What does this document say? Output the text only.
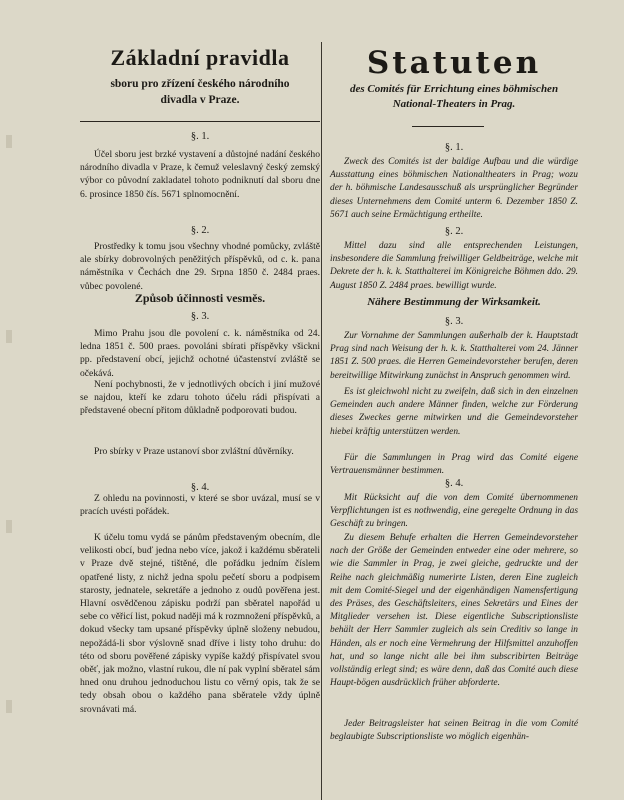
Základní pravidla
sboru pro zřízení českého národního
divadla v Praze.
§. 1.
Účel sboru jest brzké vystavení a důstojné nadání českého národního divadla v Praze, k čemuž veleslavný český zemský výbor co původní zakladatel tohoto podniknutí dal sboru dne 6. prosince 1850 čís. 5671 splnomocnění.
§. 2.
Prostředky k tomu jsou všechny vhodné pomůcky, zvláště ale sbírky dobrovolných peněžitých příspěvků, od c. k. pana náměstníka v Čechách dne 29. Srpna 1850 č. 2484 praes. vůbec povolené.
Způsob účinnosti vesměs.
§. 3.
Mimo Prahu jsou dle povolení c. k. náměstníka od 24. ledna 1851 č. 500 praes. povoláni sbírati příspěvky všickni pp. představení obcí, jejichž ochotné účastenství zvláště se očekává.
Není pochybnosti, že v jednotlivých obcích i jiní mužové se najdou, kteří ke zdaru tohoto účelu rádi přispívati a představené obecní přitom důkladně podporovati budou.
Pro sbírky v Praze ustanoví sbor zvláštní důvěrníky.
§. 4.
Z ohledu na povinnosti, v které se sbor uvázal, musí se v pracích uvésti pořádek.
K účelu tomu vydá se pánům představeným obecním, dle velikosti obcí, buď jedna nebo více, jakož i každému sběrateli v Praze dvě stejné, tištěné, dle pořádku jedním číslem opatřené listy, z nichž jedna spolu pečetí sboru a podpisem starosty, jednatele, sekretáře a jednoho z oudů pověřena jest. Hlavní osvědčenou zápisku podrží pan sběratel napořád u sebe co věřicí list, pokud naději má k rozmnožení příspěvků, a dokud všecky tam upsané příspěvky úplně složeny nebudou, nepožádá-li sbor výslovně snad dříve i listy toho druhu: do této od sboru pověřené zápisky vypíše každý přispívatel svou oběť, jak možno, vlastní rukou, dle ní pak vyplní sběratel sám hned onu druhou jednoduchou listu co věrný opis, tak že se tedy obsah obou o každého pana sběratele vždy úplně srovnávati má.
Statuten
des Comités für Errichtung eines böhmischen
National-Theaters in Prag.
§. 1.
Zweck des Comités ist der baldige Aufbau und die würdige Ausstattung eines böhmischen Nationaltheaters in Prag; wozu der h. böhmische Landesausschuß als ursprünglicher Begründer dieses Unternehmens dem Comité unterm 6. Dezember 1850 Z. 5671 auch seine Ermächtigung ertheilte.
§. 2.
Mittel dazu sind alle entsprechenden Leistungen, insbesondere die Sammlung freiwilliger Geldbeiträge, welche mit Dekrete der h. k. k. Statthalterei im Königreiche Böhmen ddo. 29. August 1850 Z. 2484 praes. bewilligt wurde.
Nähere Bestimmung der Wirksamkeit.
§. 3.
Zur Vornahme der Sammlungen außerhalb der k. Hauptstadt Prag sind nach Weisung der h. k. k. Statthalterei vom 24. Jänner 1851 Z. 500 praes. die Herren Gemeindevorsteher berufen, deren bereitwillige Mitwirkung zunächst in Anspruch genommen wird.
Es ist gleichwohl nicht zu zweifeln, daß sich in den einzelnen Gemeinden auch andere Männer finden, welche zur Förderung dieses Zweckes gerne mitwirken und die Gemeindevorsteher hiebei kräftig unterstützen werden.
Für die Sammlungen in Prag wird das Comité eigene Vertrauensmänner bestimmen.
§. 4.
Mit Rücksicht auf die von dem Comité übernommenen Verpflichtungen ist es nothwendig, eine geregelte Ordnung in das Geschäft zu bringen.
Zu diesem Behufe erhalten die Herren Gemeindevorsteher nach der Größe der Gemeinden entweder eine oder mehrere, so wie die Sammler in Prag, je zwei gleiche, gedruckte und der Reihe nach gleichmäßig numerirte Listen, deren Eine zugleich mit dem Comité-Siegel und der eigenhändigen Namensfertigung des Präses, des Geschäftsleiters, eines Sekretärs und Eines der Mitglieder versehen ist. Diese eigentliche Subscriptionsliste behält der Herr Sammler zugleich als sein Creditiv so lange in Händen, als er noch eine Vermehrung der Hilfsmittel anzuhoffen hat, und so lange nicht alle bei ihm subscribirten Beiträge vollständig erlegt sind; es wäre denn, daß das Comité auch diese Haupt-bögen ausdrücklich früher abforderte.
Jeder Beitragsleister hat seinen Beitrag in die vom Comité beglaubigte Subscriptionsliste wo möglich eigenhän-
